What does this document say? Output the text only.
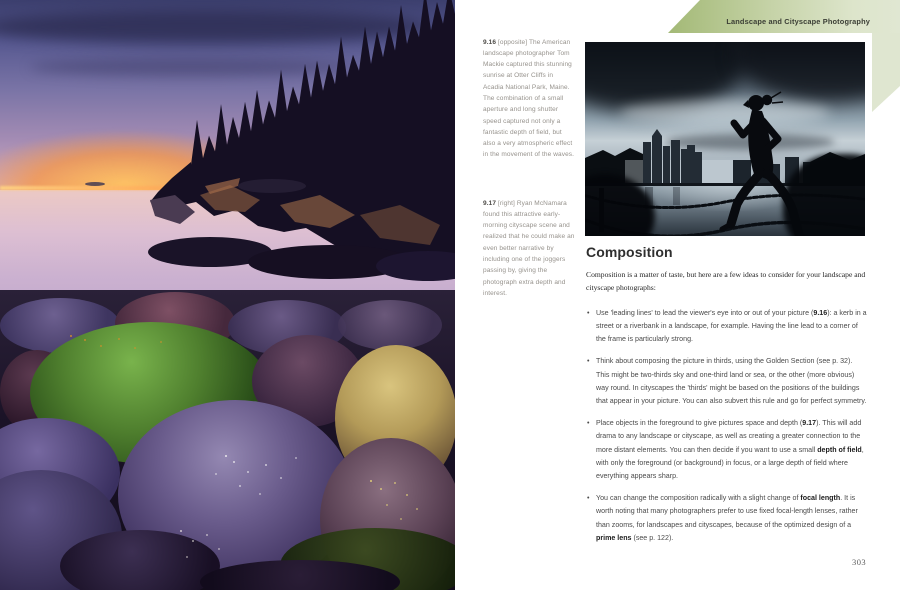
Landscape and Cityscape Photography

9.16 [opposite] The American landscape photographer Tom Mackie captured this stunning sunrise at Otter Cliffs in Acadia National Park, Maine. The combination of a small aperture and long shutter speed captured not only a fantastic depth of field, but also a very atmospheric effect in the movement of the waves.

9.17 [right] Ryan McNamara found this attractive early-morning cityscape scene and realized that he could make an even better narrative by including one of the joggers passing by, giving the photograph extra depth and interest.

Composition

Composition is a matter of taste, but here are a few ideas to consider for your landscape and cityscape photographs:

• Use 'leading lines' to lead the viewer's eye into or out of your picture (9.16): a kerb in a street or a riverbank in a landscape, for example. Having the line lead to a corner of the frame is particularly strong.
• Think about composing the picture in thirds, using the Golden Section (see p. 32). This might be two-thirds sky and one-third land or sea, or the other (more obvious) way round. In cityscapes the 'thirds' might be based on the positions of the buildings that appear in your picture. You can also subvert this rule and go for perfect symmetry.
• Place objects in the foreground to give pictures space and depth (9.17). This will add drama to any landscape or cityscape, as well as creating a greater connection to the more distant elements. You can then decide if you want to use a small depth of field, with only the foreground (or background) in focus, or a large depth of field where everything appears sharp.
• You can change the composition radically with a slight change of focal length. It is worth noting that many photographers prefer to use fixed focal-length lenses, rather than zooms, for landscapes and cityscapes, because of the optimized design of a prime lens (see p. 122).
303
